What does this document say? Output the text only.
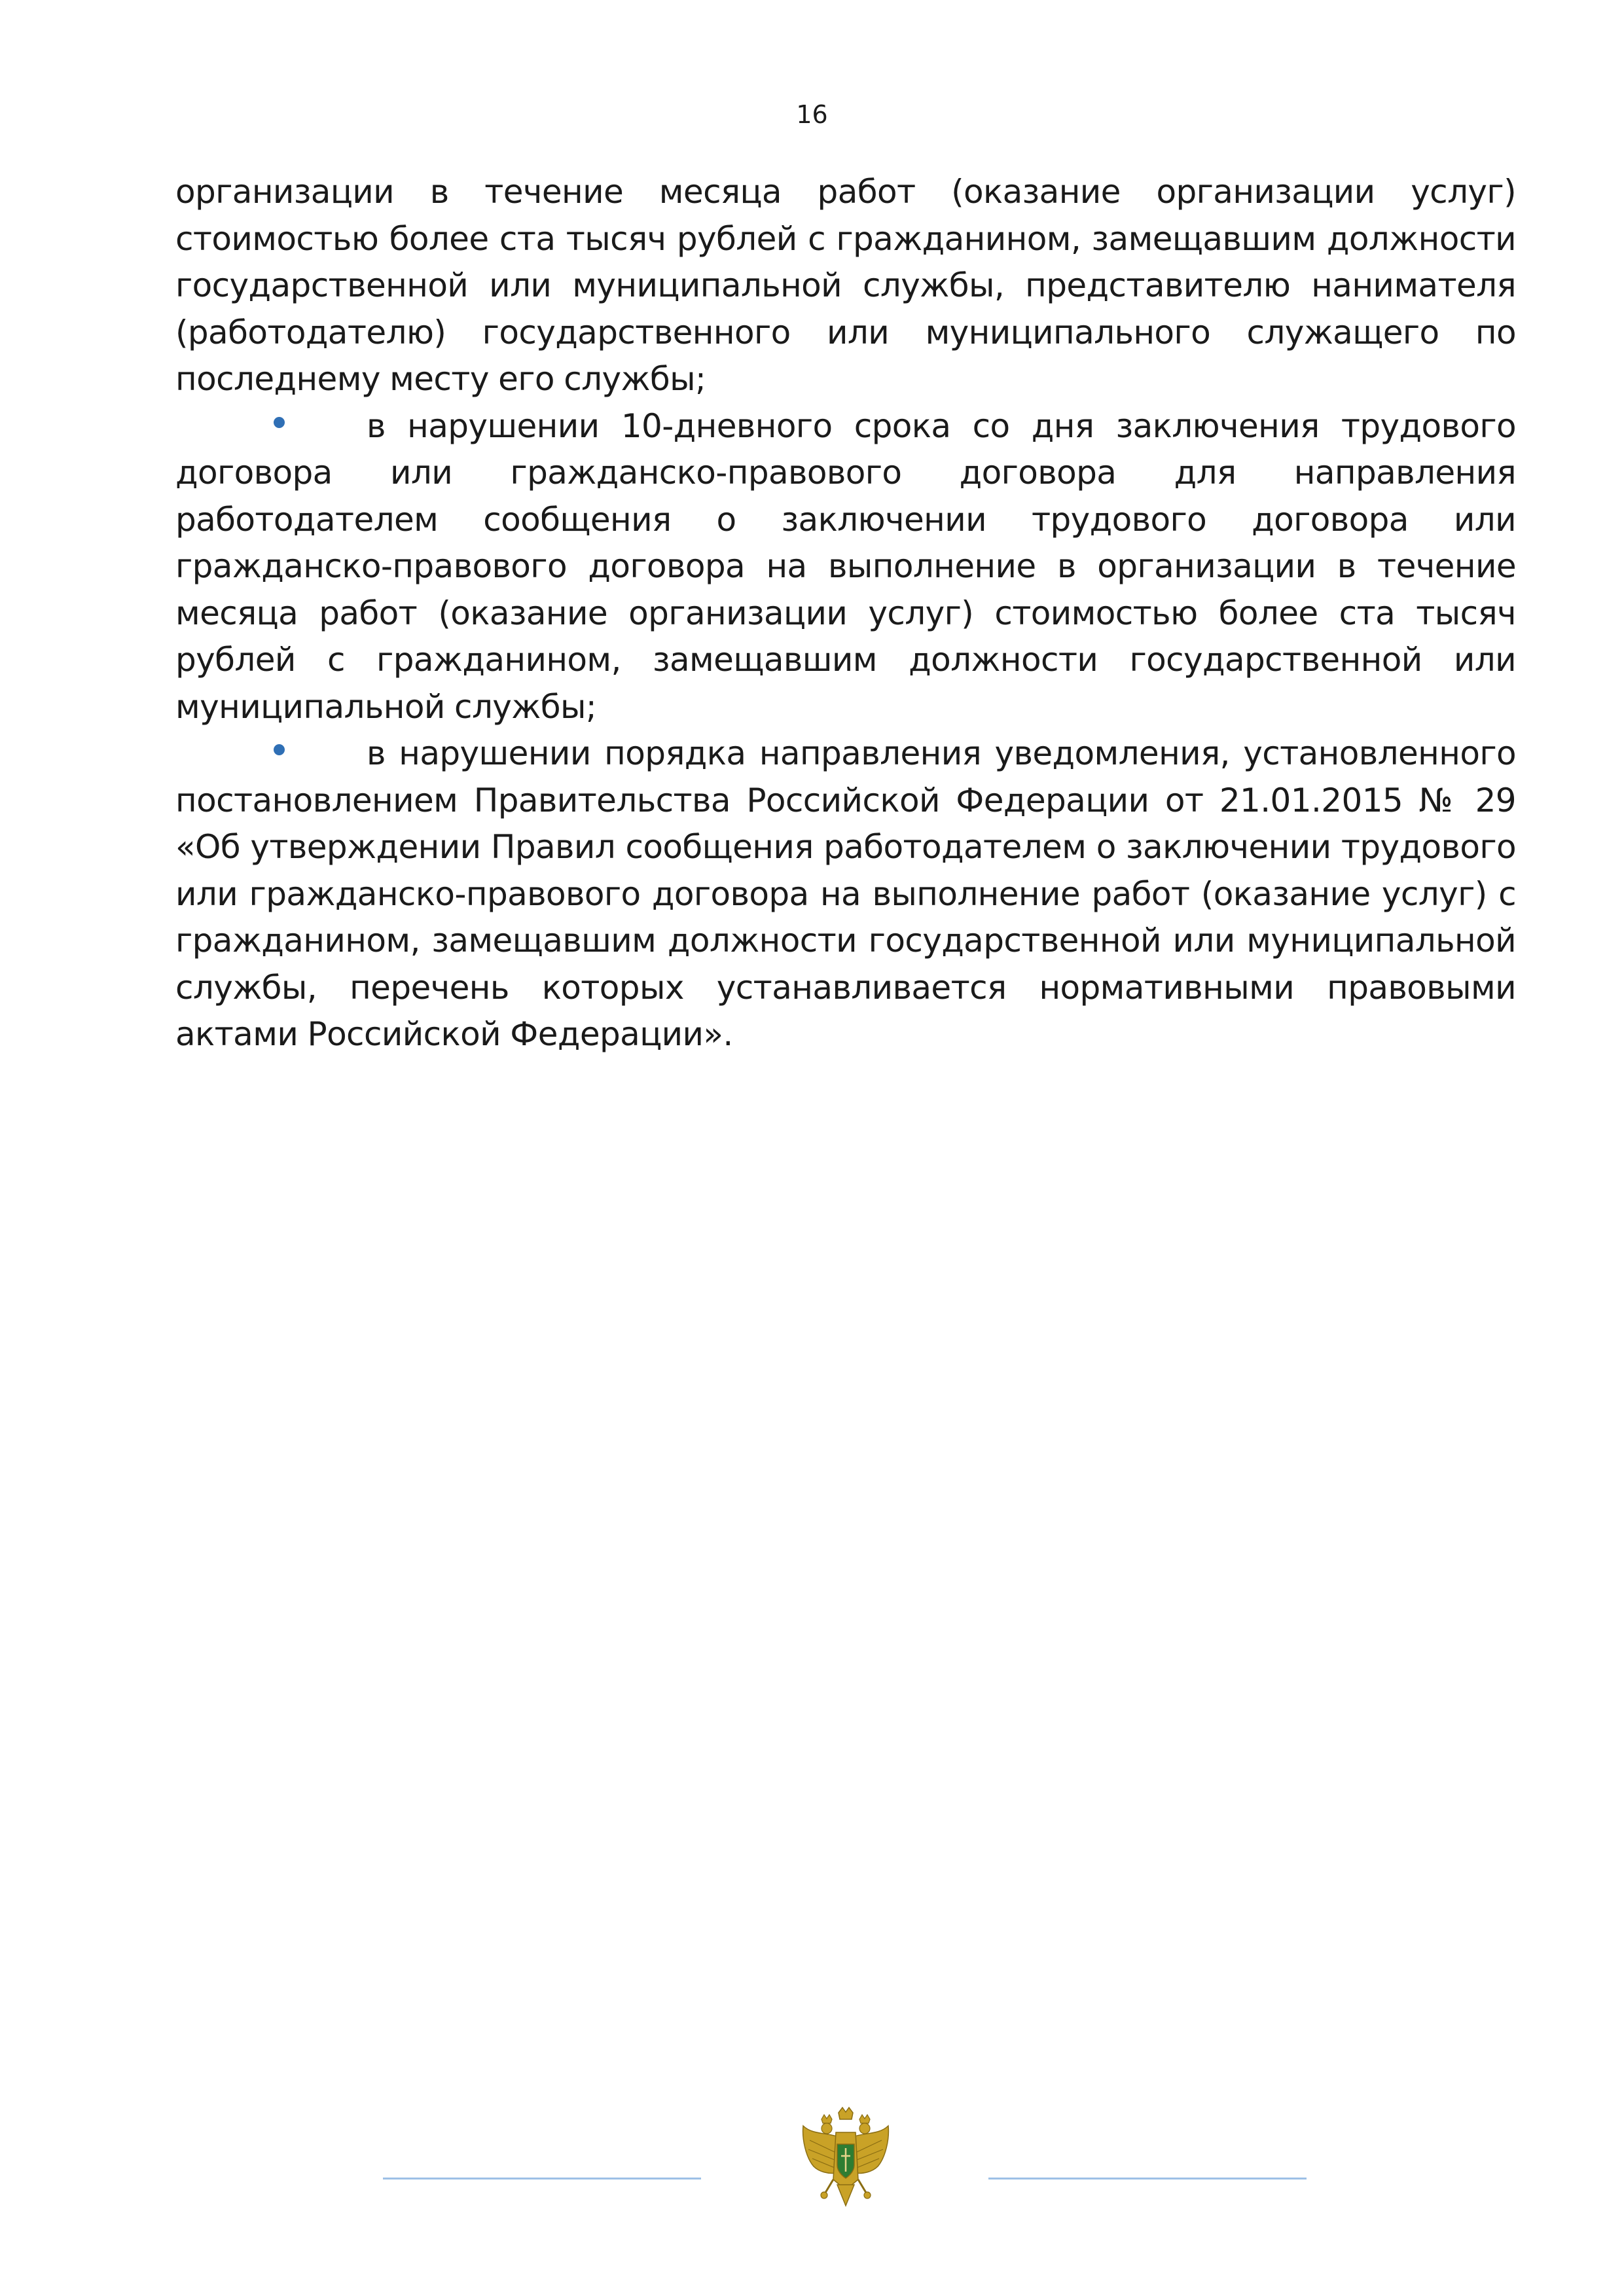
16

организации в течение месяца работ (оказание организации услуг) стоимостью более ста тысяч рублей с гражданином, замещавшим должности государственной или муниципальной службы, представителю нанимателя (работодателю) государственного или муниципального служащего по последнему месту его службы;

в нарушении 10-дневного срока со дня заключения трудового договора или гражданско-правового договора для направления работодателем сообщения о заключении трудового договора или гражданско-правового договора на выполнение в организации в течение месяца работ (оказание организации услуг) стоимостью более ста тысяч рублей с гражданином, замещавшим должности государственной или муниципальной службы;

в нарушении порядка направления уведомления, установленного постановлением Правительства Российской Федерации от 21.01.2015 № 29 «Об утверждении Правил сообщения работодателем о заключении трудового или гражданско-правового договора на выполнение работ (оказание услуг) с гражданином, замещавшим должности государственной или муниципальной службы, перечень которых устанавливается нормативными правовыми актами Российской Федерации».
